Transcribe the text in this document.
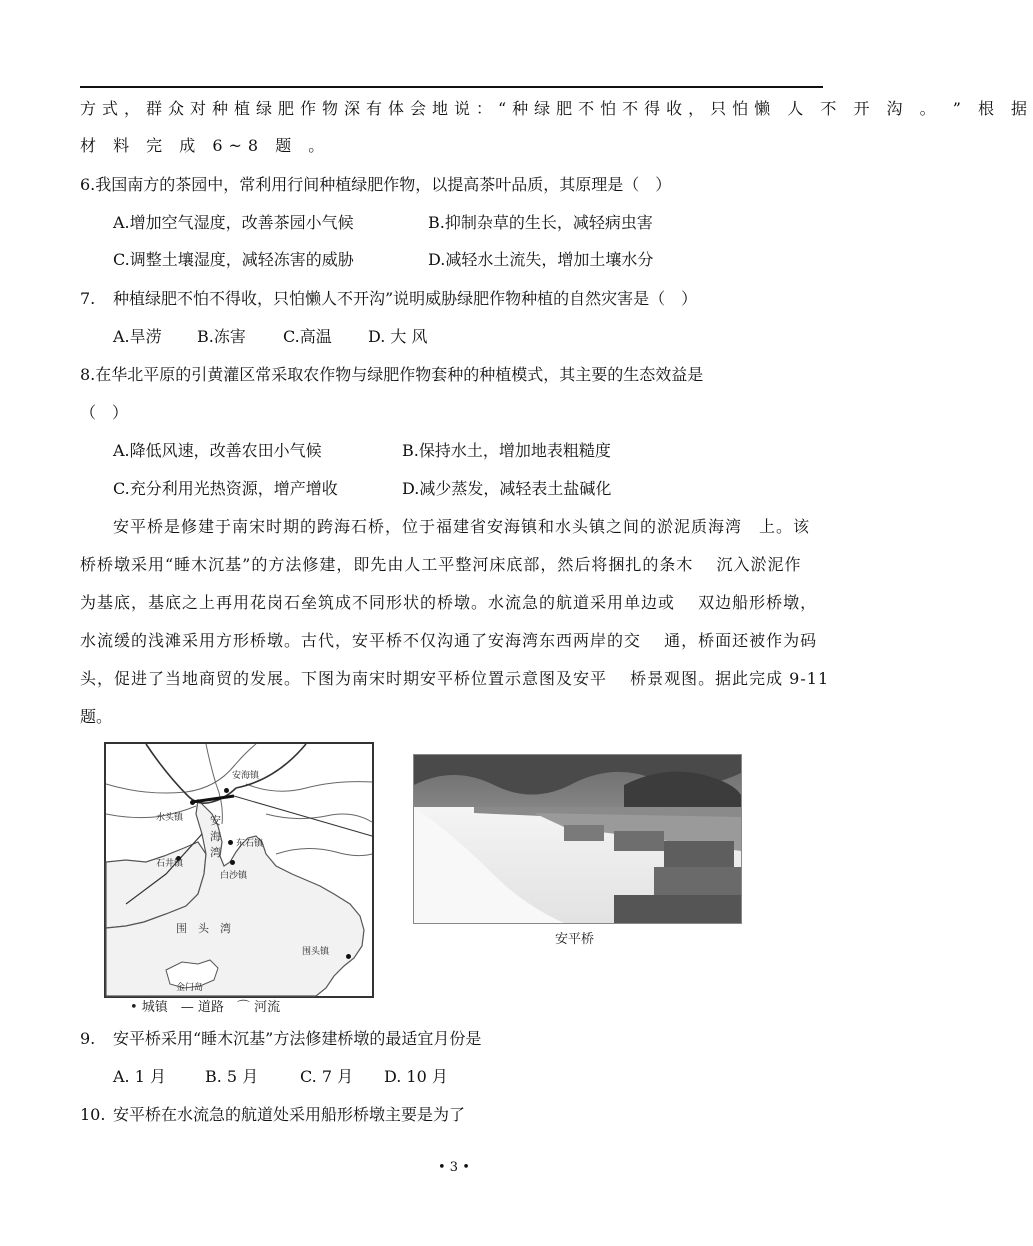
方式，群众对种植绿肥作物深有体会地说：“种绿肥不怕不得收，只怕懒 人 不 开 沟 。 ” 根 据
材 料 完 成 6~8 题 。
6.我国南方的茶园中，常利用行间种植绿肥作物，以提高茶叶品质，其原理是（　）
A.增加空气湿度，改善茶园小气候	B.抑制杂草的生长，减轻病虫害
C.调整土壤湿度，减轻冻害的威胁	D.减轻水土流失，增加土壤水分
7. 种植绿肥不怕不得收，只怕懒人不开沟”说明威胁绿肥作物种植的自然灾害是（　）
A.旱涝 B.冻害 C.高温 D. 大 风
8.在华北平原的引黄灌区常采取农作物与绿肥作物套种的种植模式，其主要的生态效益是
（　）
A.降低风速，改善农田小气候	B.保持水土，增加地表粗糙度
C.充分利用光热资源，增产增收	D.减少蒸发，减轻表土盐碱化
安平桥是修建于南宋时期的跨海石桥，位于福建省安海镇和水头镇之间的淤泥质海湾　上。该
桥桥墩采用“睡木沉基”的方法修建，即先由人工平整河床底部，然后将捆扎的条木　 沉入淤泥作
为基底，基底之上再用花岗石垒筑成不同形状的桥墩。水流急的航道采用单边或　 双边船形桥墩，
水流缓的浅滩采用方形桥墩。古代，安平桥不仅沟通了安海湾东西两岸的交　 通，桥面还被作为码
头，促进了当地商贸的发展。下图为南宋时期安平桥位置示意图及安平　 桥景观图。据此完成 9-11
题。
安海镇
水头镇
东石镇
石井镇
白沙镇
围头镇
金门岛
安
海
湾
围　头　湾
• 城镇　— 道路　⌒ 河流
安平桥
9. 安平桥采用“睡木沉基”方法修建桥墩的最适宜月份是
A. 1 月 B. 5 月	C. 7 月 D. 10 月
10. 安平桥在水流急的航道处采用船形桥墩主要是为了
• 3 •
